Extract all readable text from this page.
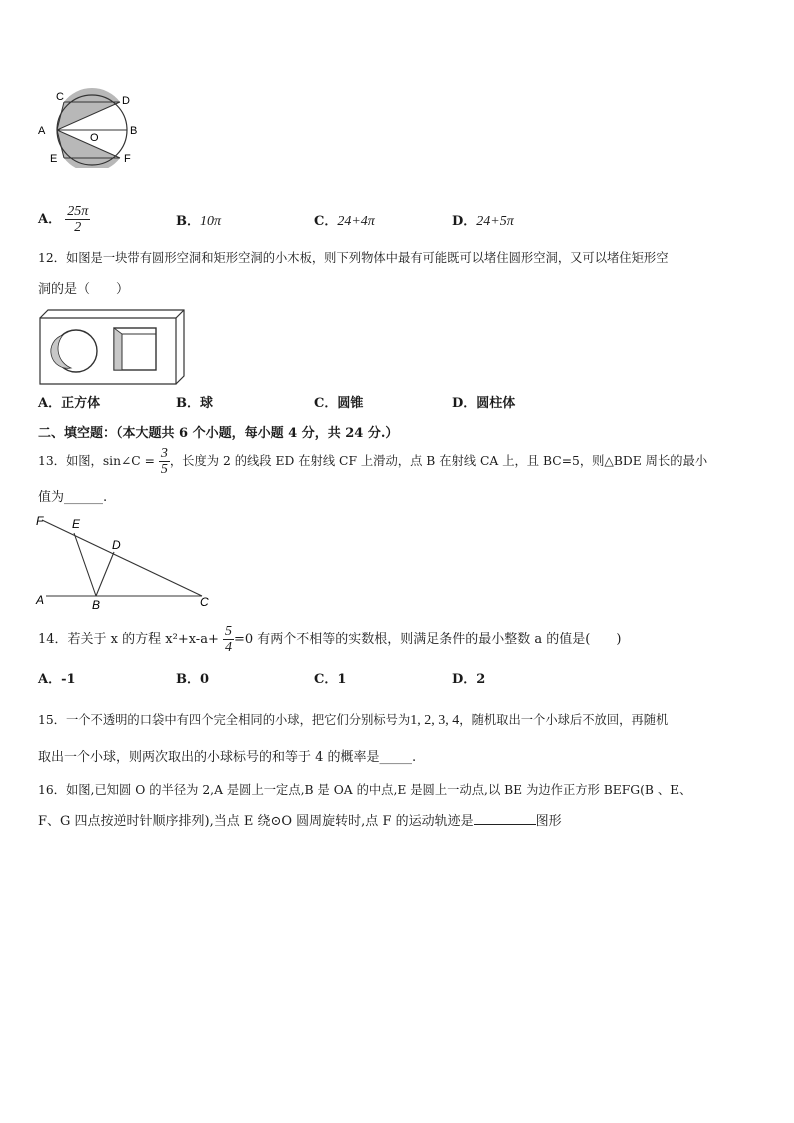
C	D
A
O
B
E	F
A． $\frac{25\pi}{2}$	B．10π	C．24+4π	D．24+5π
12．如图是一块带有圆形空洞和矩形空洞的小木板，则下列物体中最有可能既可以堵住圆形空洞，又可以堵住矩形空
洞的是（　　）
A．正方体	B．球	C．圆锥	D．圆柱体
二、填空题：（本大题共 6 个小题，每小题 4 分，共 24 分.）
13．如图，sin∠C = $\frac{3}{5}$ ，长度为 2 的线段 ED 在射线 CF 上滑动，点 B 在射线 CA 上，且 BC=5，则△BDE 周长的最小
值为______.
F E
D
A	B	C
14．若关于 x 的方程 $x^2+x-a+ \frac{5}{4} =0$ 有两个不相等的实数根，则满足条件的最小整数 a 的值是(　　)
A．-1	B．0	C．1	D．2
15．一个不透明的口袋中有四个完全相同的小球，把它们分别标号为1, 2, 3, 4，随机取出一个小球后不放回，再随机
取出一个小球，则两次取出的小球标号的和等于 4 的概率是_____.
16．如图,已知圆 O 的半径为 2,A 是圆上一定点,B 是 OA 的中点,E 是圆上一动点,以 BE 为边作正方形 BEFG(B 、E、
F、G 四点按逆时针顺序排列),当点 E 绕⊙O 圆周旋转时,点 F 的运动轨迹是	图形
